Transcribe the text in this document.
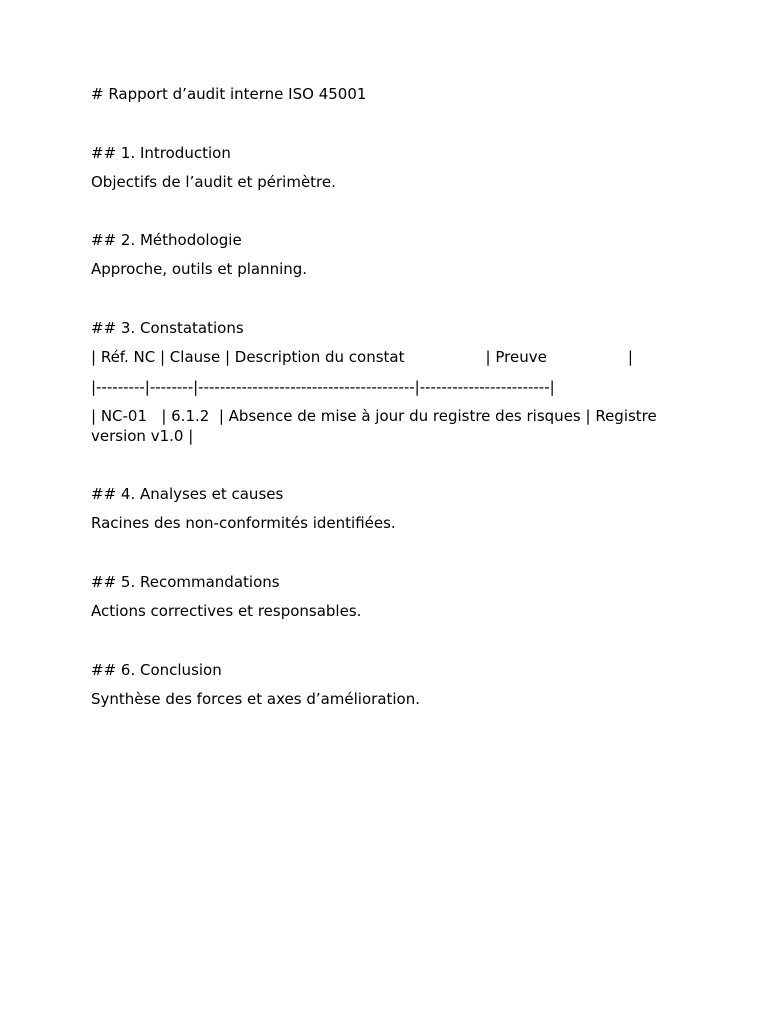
# Rapport d’audit interne ISO 45001
## 1. Introduction
Objectifs de l’audit et périmètre.
## 2. Méthodologie
Approche, outils et planning.
## 3. Constatations
| Réf. NC | Clause | Description du constat                 | Preuve                 |
|---------|--------|----------------------------------------|------------------------|
| NC-01   | 6.1.2  | Absence de mise à jour du registre des risques | Registre version v1.0 |
## 4. Analyses et causes
Racines des non-conformités identifiées.
## 5. Recommandations
Actions correctives et responsables.
## 6. Conclusion
Synthèse des forces et axes d’amélioration.
